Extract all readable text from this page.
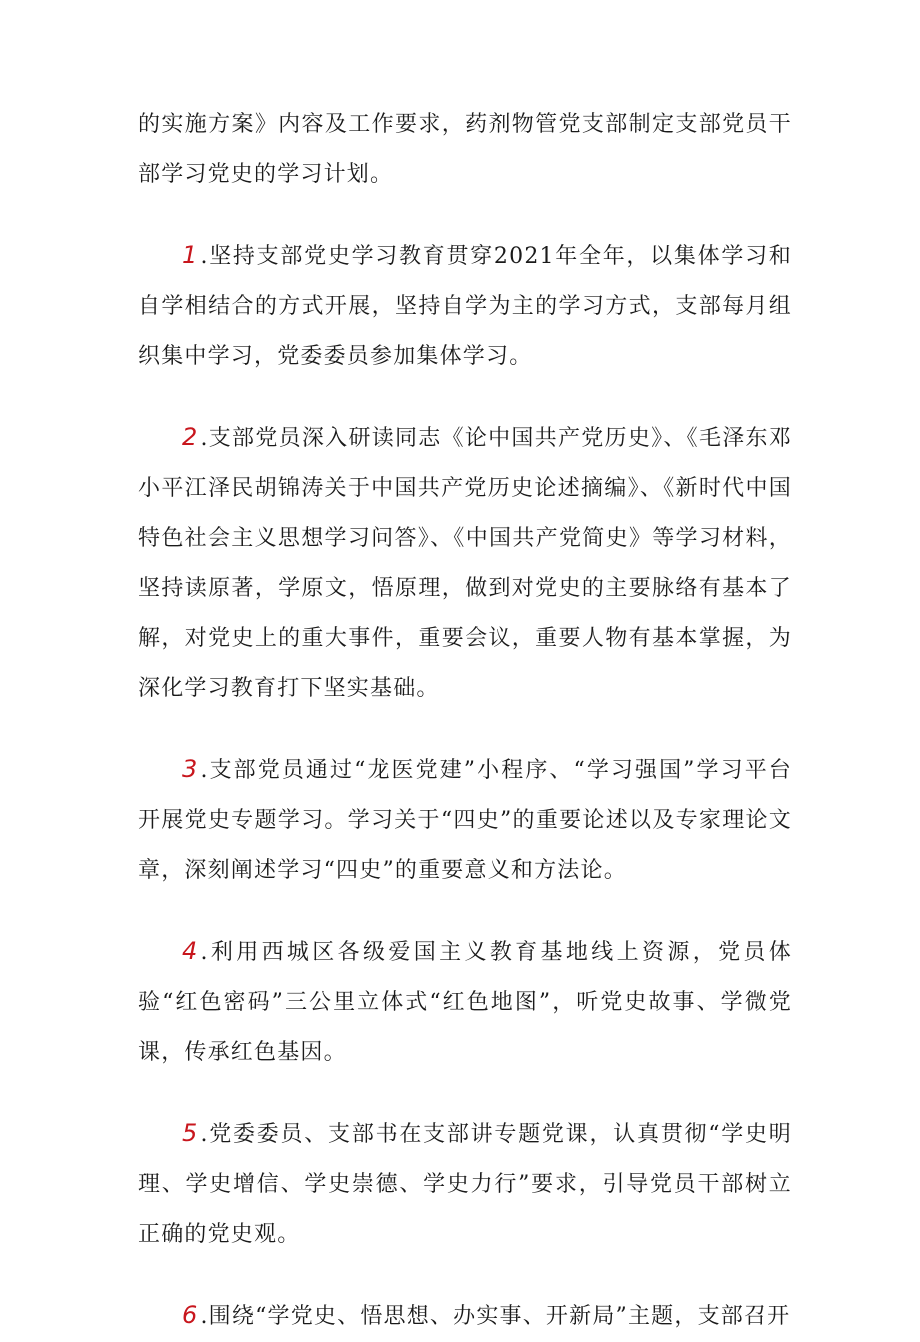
的实施方案》内容及工作要求，药剂物管党支部制定支部党员干部学习党史的学习计划。

1.坚持支部党史学习教育贯穿2021年全年，以集体学习和自学相结合的方式开展，坚持自学为主的学习方式，支部每月组织集中学习，党委委员参加集体学习。

2.支部党员深入研读同志《论中国共产党历史》、《毛泽东邓小平江泽民胡锦涛关于中国共产党历史论述摘编》、《新时代中国特色社会主义思想学习问答》、《中国共产党简史》等学习材料，坚持读原著，学原文，悟原理，做到对党史的主要脉络有基本了解，对党史上的重大事件，重要会议，重要人物有基本掌握，为深化学习教育打下坚实基础。

3.支部党员通过“龙医党建”小程序、“学习强国”学习平台开展党史专题学习。学习关于“四史”的重要论述以及专家理论文章，深刻阐述学习“四史”的重要意义和方法论。

4.利用西城区各级爱国主义教育基地线上资源，党员体验“红色密码”三公里立体式“红色地图”，听党史故事、学微党课，传承红色基因。

5.党委委员、支部书在支部讲专题党课，认真贯彻“学史明理、学史增信、学史崇德、学史力行”要求，引导党员干部树立正确的党史观。

6.围绕“学党史、悟思想、办实事、开新局”主题，支部召开
